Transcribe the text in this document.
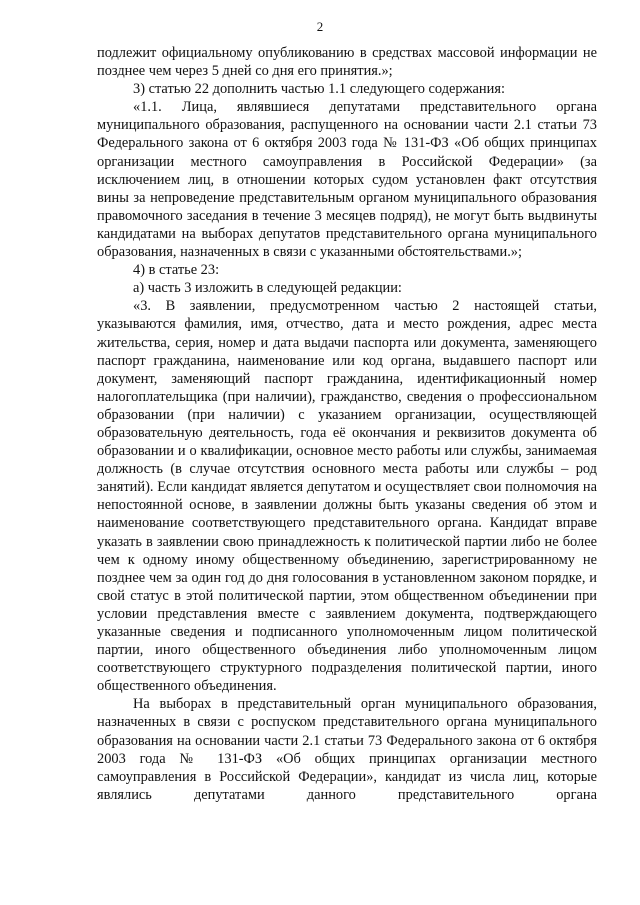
2

подлежит официальному опубликованию в средствах массовой информации не позднее чем через 5 дней со дня его принятия.»;

3) статью 22 дополнить частью 1.1 следующего содержания:

«1.1. Лица, являвшиеся депутатами представительного органа муниципального образования, распущенного на основании части 2.1 статьи 73 Федерального закона от 6 октября 2003 года № 131-ФЗ «Об общих принципах организации местного самоуправления в Российской Федерации» (за исключением лиц, в отношении которых судом установлен факт отсутствия вины за непроведение представительным органом муниципального образования правомочного заседания в течение 3 месяцев подряд), не могут быть выдвинуты кандидатами на выборах депутатов представительного органа муниципального образования, назначенных в связи с указанными обстоятельствами.»;

4) в статье 23:

а) часть 3 изложить в следующей редакции:

«3. В заявлении, предусмотренном частью 2 настоящей статьи, указываются фамилия, имя, отчество, дата и место рождения, адрес места жительства, серия, номер и дата выдачи паспорта или документа, заменяющего паспорт гражданина, наименование или код органа, выдавшего паспорт или документ, заменяющий паспорт гражданина, идентификационный номер налогоплательщика (при наличии), гражданство, сведения о профессиональном образовании (при наличии) с указанием организации, осуществляющей образовательную деятельность, года её окончания и реквизитов документа об образовании и о квалификации, основное место работы или службы, занимаемая должность (в случае отсутствия основного места работы или службы – род занятий). Если кандидат является депутатом и осуществляет свои полномочия на непостоянной основе, в заявлении должны быть указаны сведения об этом и наименование соответствующего представительного органа. Кандидат вправе указать в заявлении свою принадлежность к политической партии либо не более чем к одному иному общественному объединению, зарегистрированному не позднее чем за один год до дня голосования в установленном законом порядке, и свой статус в этой политической партии, этом общественном объединении при условии представления вместе с заявлением документа, подтверждающего указанные сведения и подписанного уполномоченным лицом политической партии, иного общественного объединения либо уполномоченным лицом соответствующего структурного подразделения политической партии, иного общественного объединения.

На выборах в представительный орган муниципального образования, назначенных в связи с роспуском представительного органа муниципального образования на основании части 2.1 статьи 73 Федерального закона от 6 октября 2003 года № 131-ФЗ «Об общих принципах организации местного самоуправления в Российской Федерации», кандидат из числа лиц, которые являлись депутатами данного представительного органа
